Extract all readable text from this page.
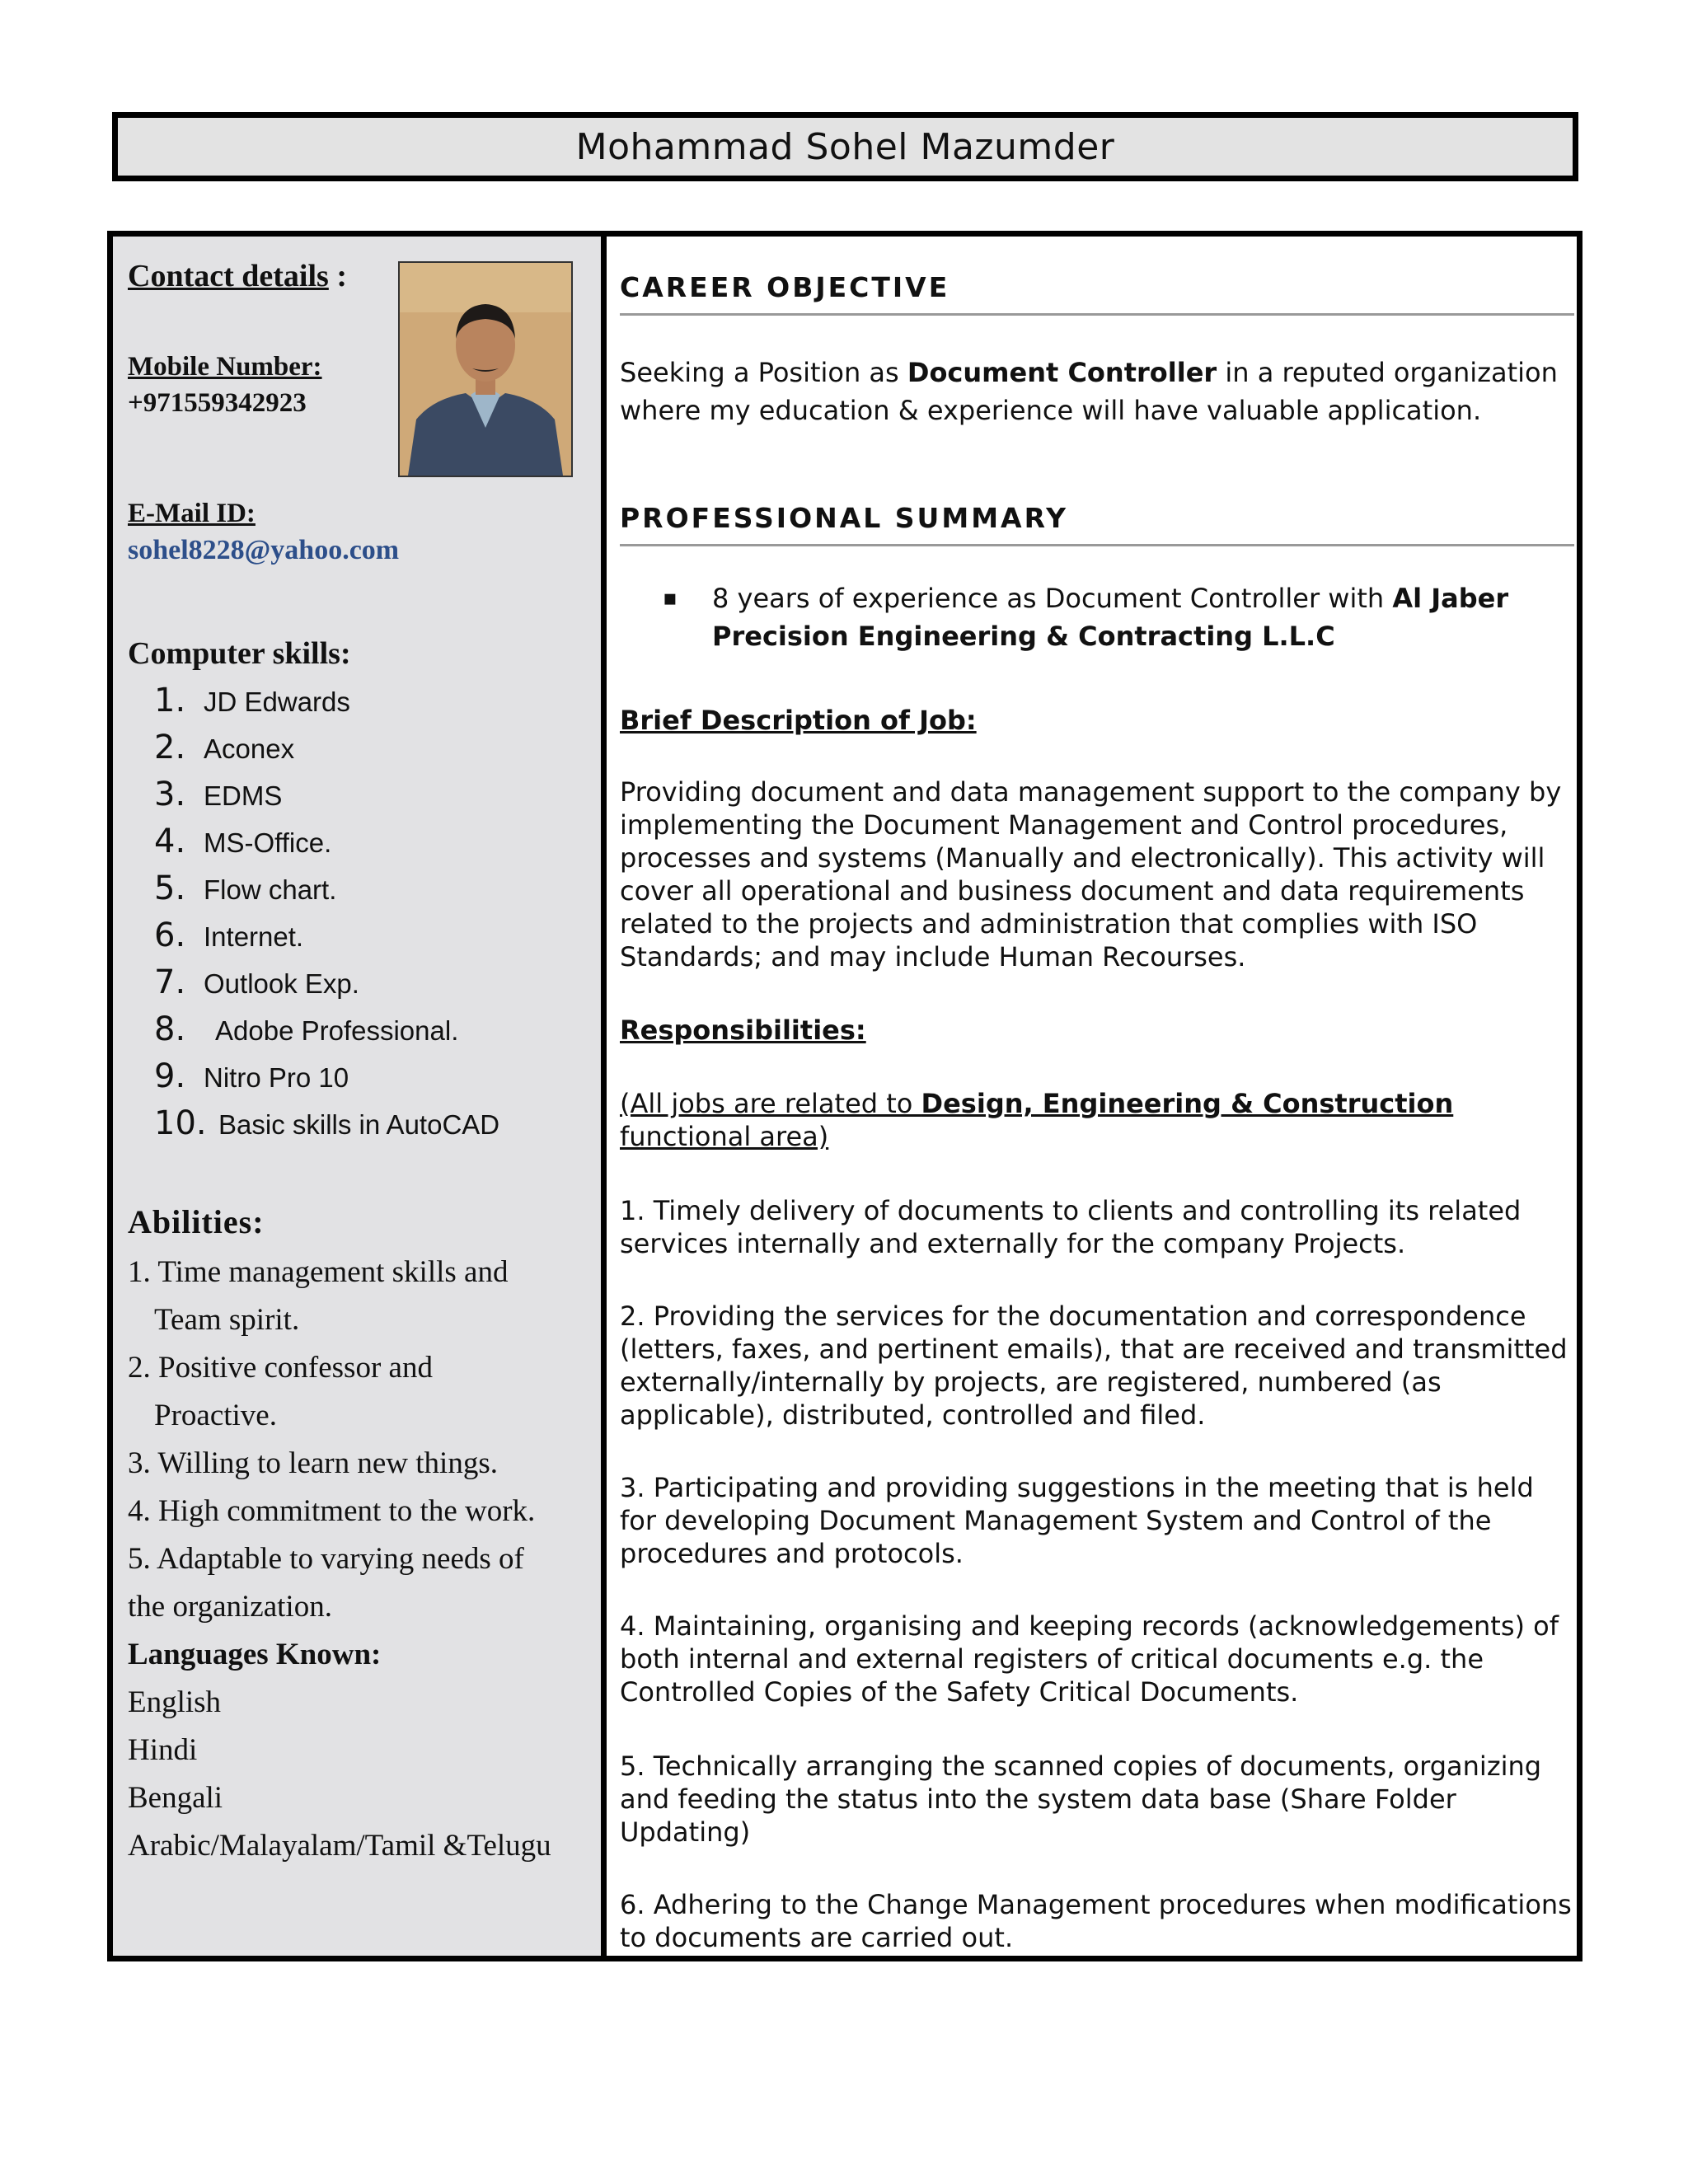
Mohammad Sohel Mazumder
Contact details :
Mobile Number:
+971559342923
E-Mail ID:
sohel8228@yahoo.com
Computer skills:
1. JD Edwards
2. Aconex
3. EDMS
4. MS-Office.
5. Flow chart.
6. Internet.
7. Outlook Exp.
8.	Adobe Professional.
9. Nitro Pro 10
10. Basic skills in AutoCAD
Abilities:
1. Time management skills and
Team spirit.
2. Positive confessor and
Proactive.
3. Willing to learn new things.
4. High commitment to the work.
5. Adaptable to varying needs of
the organization.
Languages Known:
English
Hindi
Bengali
Arabic/Malayalam/Tamil &Telugu
CAREER OBJECTIVE
Seeking a Position as Document Controller in a reputed organization where my education & experience will have valuable application.
PROFESSIONAL SUMMARY
▪ 8 years of experience as Document Controller with Al Jaber Precision Engineering & Contracting L.L.C
Brief Description of Job:
Providing document and data management support to the company by implementing the Document Management and Control procedures, processes and systems (Manually and electronically). This activity will cover all operational and business document and data requirements related to the projects and administration that complies with ISO Standards; and may include Human Recourses.
Responsibilities:
(All jobs are related to Design, Engineering & Construction functional area)
1. Timely delivery of documents to clients and controlling its related services internally and externally for the company Projects.
2. Providing the services for the documentation and correspondence (letters, faxes, and pertinent emails), that are received and transmitted externally/internally by projects, are registered, numbered (as applicable), distributed, controlled and filed.
3. Participating and providing suggestions in the meeting that is held for developing Document Management System and Control of the procedures and protocols.
4. Maintaining, organising and keeping records (acknowledgements) of both internal and external registers of critical documents e.g. the Controlled Copies of the Safety Critical Documents.
5. Technically arranging the scanned copies of documents, organizing and feeding the status into the system data base (Share Folder Updating)
6. Adhering to the Change Management procedures when modifications to documents are carried out.
